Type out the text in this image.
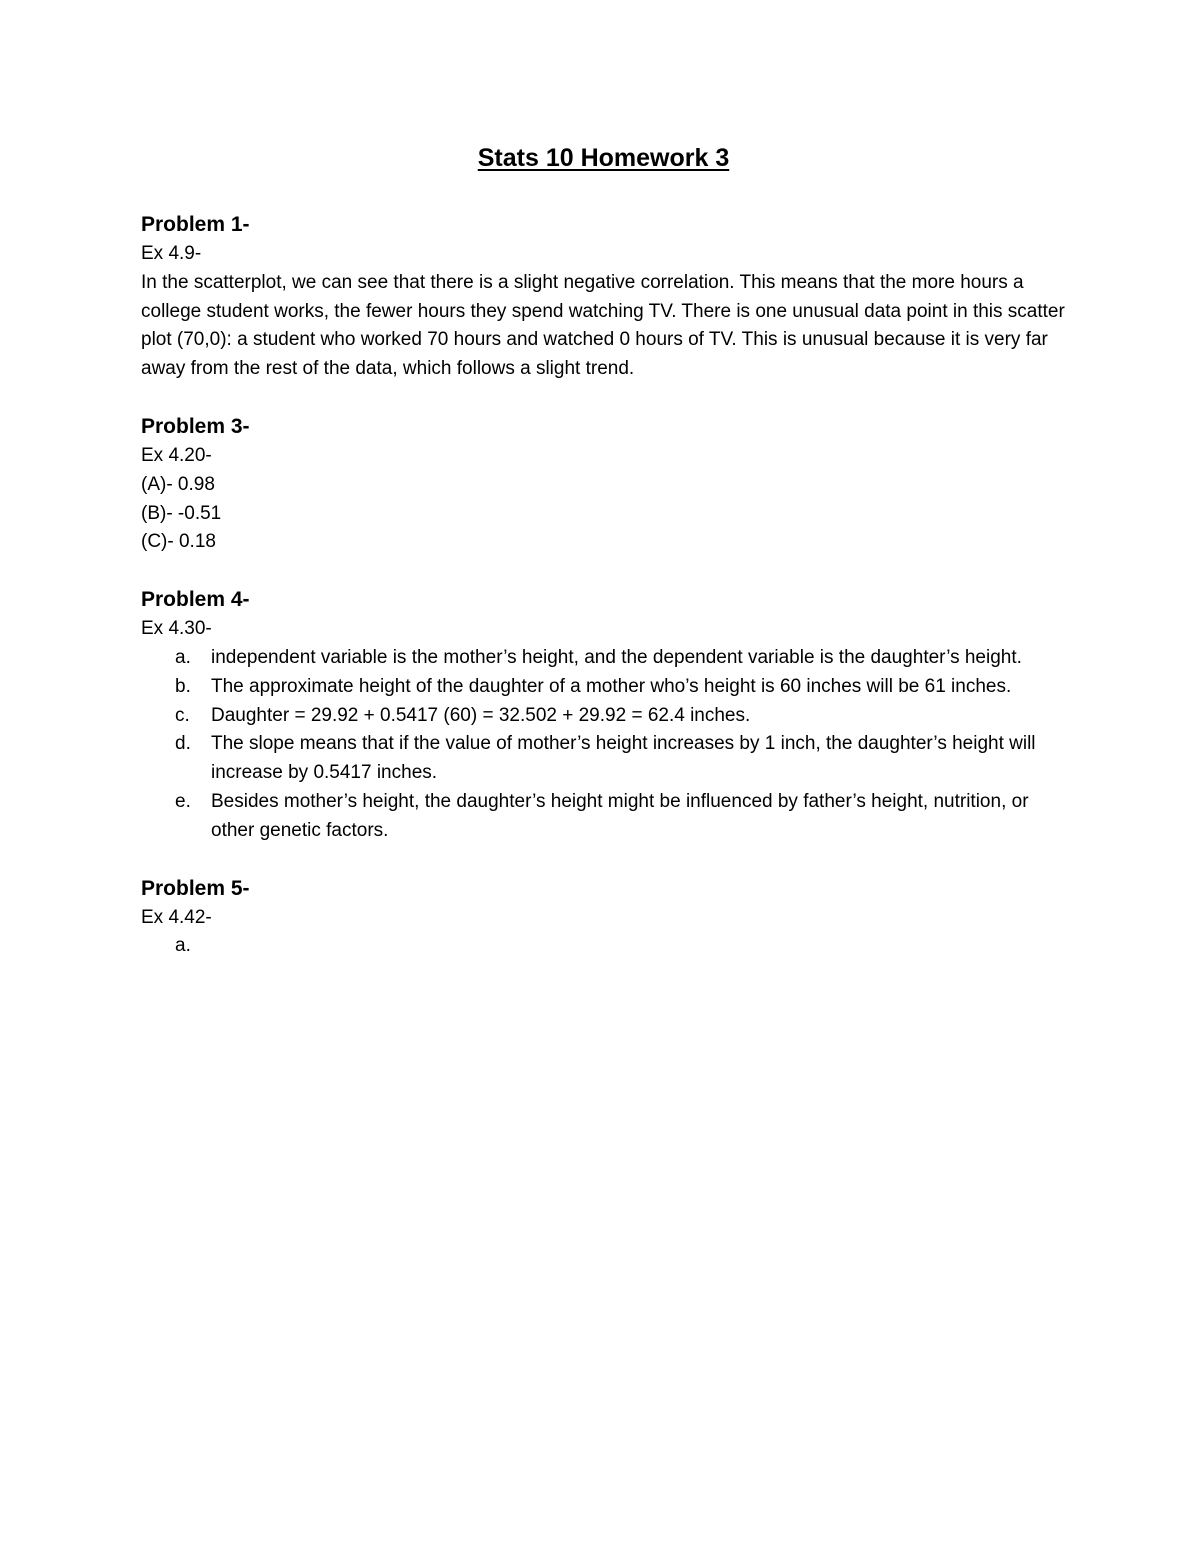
Stats 10 Homework 3

Problem 1-

Ex 4.9-

In the scatterplot, we can see that there is a slight negative correlation. This means that the more hours a college student works, the fewer hours they spend watching TV. There is one unusual data point in this scatter plot (70,0): a student who worked 70 hours and watched 0 hours of TV. This is unusual because it is very far away from the rest of the data, which follows a slight trend.

Problem 3-

Ex 4.20-

(A)- 0.98

(B)- -0.51

(C)- 0.18

Problem 4-

Ex 4.30-

a. independent variable is the mother’s height, and the dependent variable is the daughter’s height.
b. The approximate height of the daughter of a mother who’s height is 60 inches will be 61 inches.
c. Daughter = 29.92 + 0.5417 (60) = 32.502 + 29.92 = 62.4 inches.
d. The slope means that if the value of mother’s height increases by 1 inch, the daughter’s height will increase by 0.5417 inches.
e. Besides mother’s height, the daughter’s height might be influenced by father’s height, nutrition, or other genetic factors.

Problem 5-

Ex 4.42-

a.
